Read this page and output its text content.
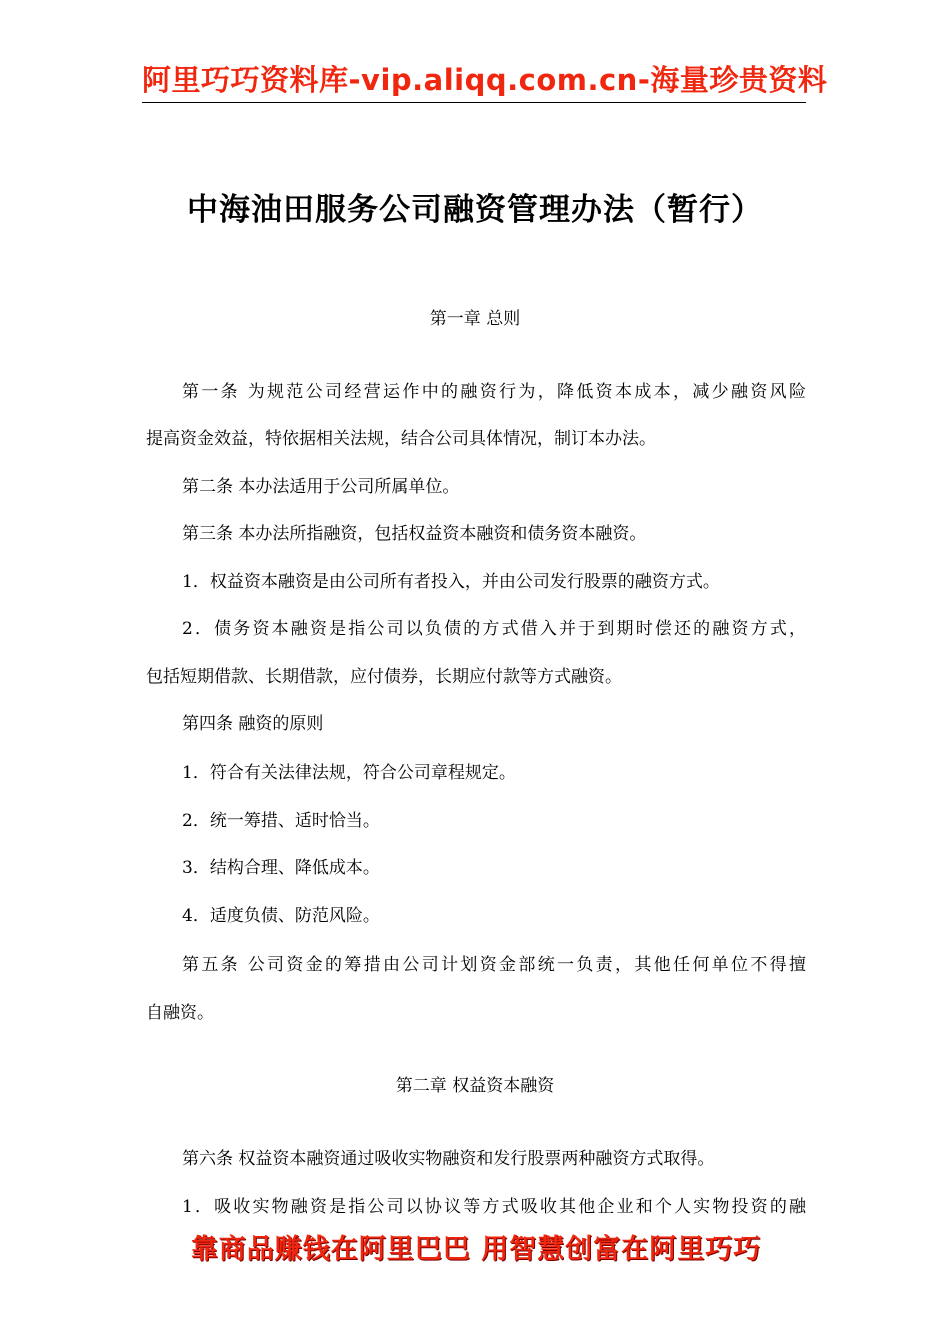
阿里巧巧资料库-vip.aliqq.com.cn-海量珍贵资料
中海油田服务公司融资管理办法（暂行）
第一章 总则
第一条 为规范公司经营运作中的融资行为，降低资本成本，减少融资风险
提高资金效益，特依据相关法规，结合公司具体情况，制订本办法。
第二条 本办法适用于公司所属单位。
第三条 本办法所指融资，包括权益资本融资和债务资本融资。
1．权益资本融资是由公司所有者投入，并由公司发行股票的融资方式。
2．债务资本融资是指公司以负债的方式借入并于到期时偿还的融资方式，
包括短期借款、长期借款，应付债券，长期应付款等方式融资。
第四条 融资的原则
1．符合有关法律法规，符合公司章程规定。
2．统一筹措、适时恰当。
3．结构合理、降低成本。
4．适度负债、防范风险。
第五条 公司资金的筹措由公司计划资金部统一负责，其他任何单位不得擅
自融资。
第二章 权益资本融资
第六条 权益资本融资通过吸收实物融资和发行股票两种融资方式取得。
1．吸收实物融资是指公司以协议等方式吸收其他企业和个人实物投资的融
靠商品赚钱在阿里巴巴 用智慧创富在阿里巧巧
